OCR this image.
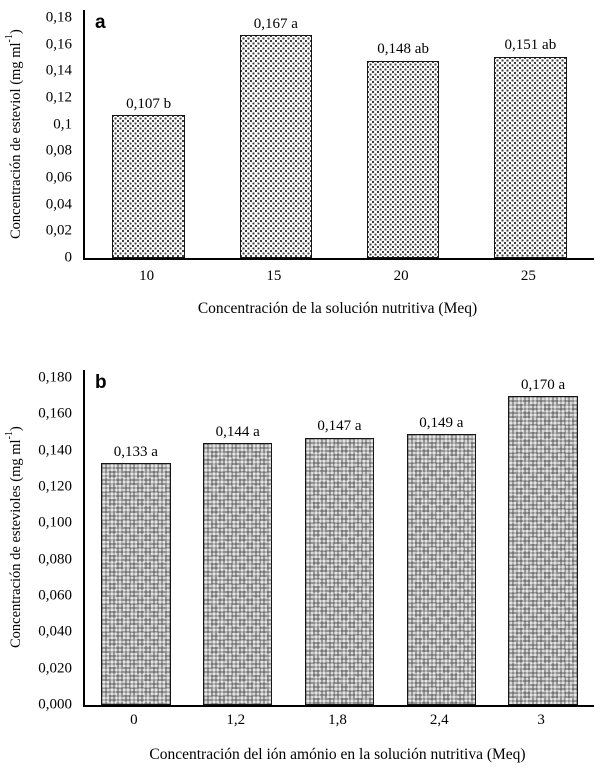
Concentración de esteviol (mg $ml^{-1}$)
0,18
0,16
0,14
0,12
0,1
0,08
0,06
0,04
0,02
0
0,107 b
0,167 a
0,148 ab	0,151 ab
a
10	15	20	25
Concentración de la solución nutritiva (Meq)
Concentración de estevioles (mg $ml^{-1}$)
0,180
0,160
0,140
0,120
0,100
0,080
0,060
0,040
0,020
0,000
0,133 a
0,144 a	0,147 a	0,149 a
0,170 a
b
0	1,2	1,8	2,4	3
Concentración del ión amónio en la solución nutritiva (Meq)
